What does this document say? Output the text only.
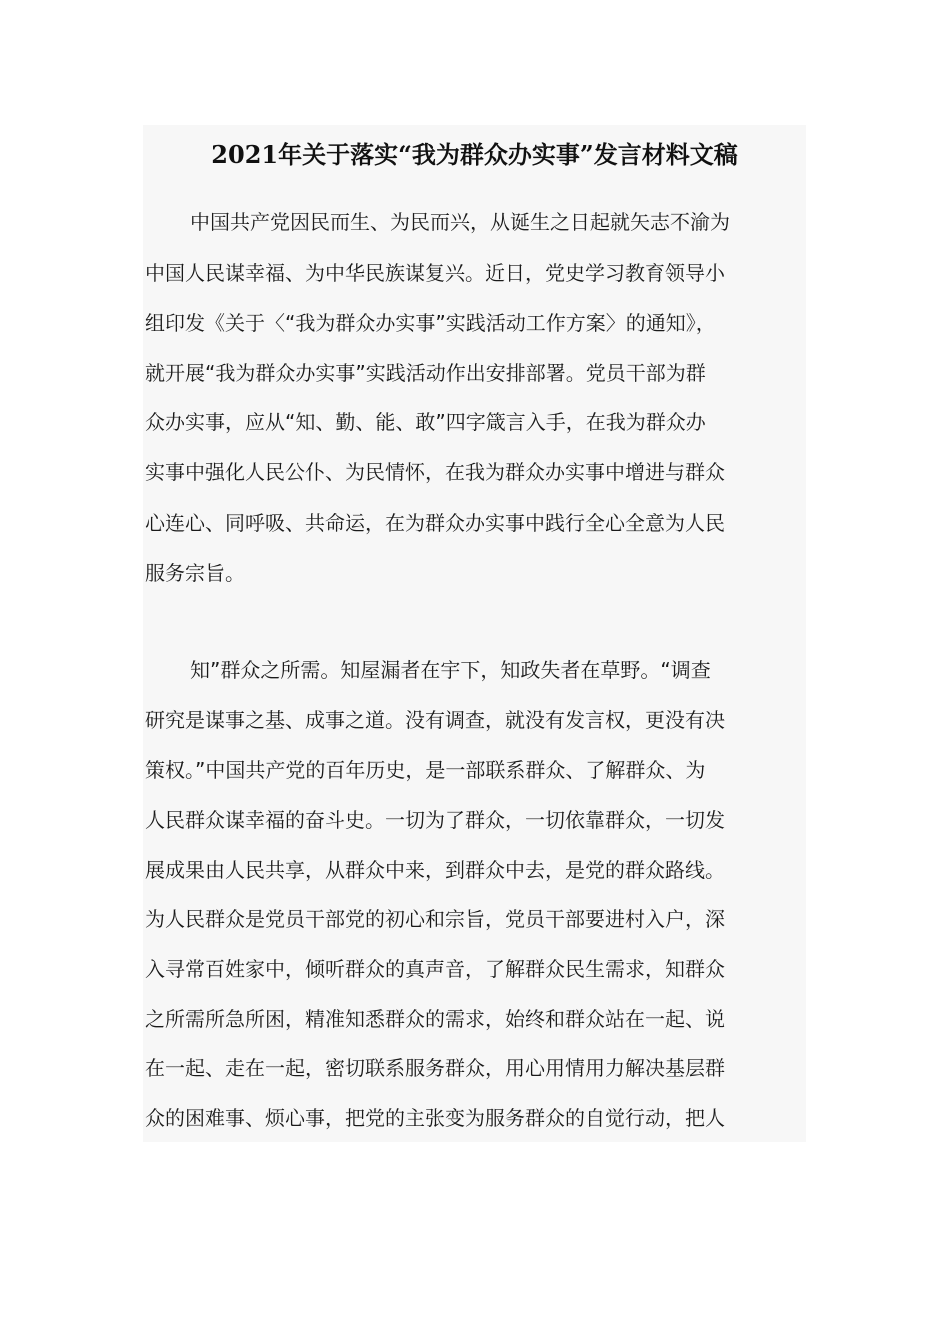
2021年关于落实“我为群众办实事”发言材料文稿
中国共产党因民而生、为民而兴，从诞生之日起就矢志不渝为
中国人民谋幸福、为中华民族谋复兴。近日，党史学习教育领导小
组印发《关于〈“我为群众办实事”实践活动工作方案〉的通知》，
就开展“我为群众办实事”实践活动作出安排部署。党员干部为群
众办实事，应从“知、勤、能、敢”四字箴言入手，在我为群众办
实事中强化人民公仆、为民情怀，在我为群众办实事中增进与群众
心连心、同呼吸、共命运，在为群众办实事中践行全心全意为人民
服务宗旨。
知”群众之所需。知屋漏者在宇下，知政失者在草野。“调查
研究是谋事之基、成事之道。没有调查，就没有发言权，更没有决
策权。”中国共产党的百年历史，是一部联系群众、了解群众、为
人民群众谋幸福的奋斗史。一切为了群众，一切依靠群众，一切发
展成果由人民共享，从群众中来，到群众中去，是党的群众路线。
为人民群众是党员干部党的初心和宗旨，党员干部要进村入户，深
入寻常百姓家中，倾听群众的真声音，了解群众民生需求，知群众
之所需所急所困，精准知悉群众的需求，始终和群众站在一起、说
在一起、走在一起，密切联系服务群众，用心用情用力解决基层群
众的困难事、烦心事，把党的主张变为服务群众的自觉行动，把人
